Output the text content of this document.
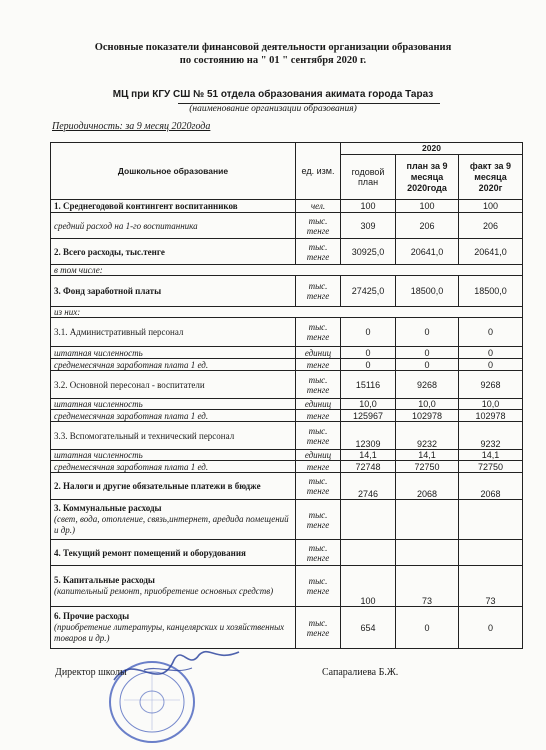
Основные показатели финансовой деятельности организации образования
по состоянию на " 01 " сентября 2020 г.
МЦ при КГУ СШ № 51 отдела образования акимата города Тараз
(наименование организации образования)
Периодичность: за 9 месяц 2020года
Дошкольное образование	ед. изм.	2020		
		годовой план	план за 9 месяца 2020года	факт за 9 месяца 2020г
1. Среднегодовой контингент воспитанников	чел.	100	100	100
средний расход на 1-го воспитанника	тыс. тенге	309	206	206
2. Всего расходы, тыс.тенге	тыс. тенге	30925,0	20641,0	20641,0
в том числе:				
3. Фонд заработной платы	тыс. тенге	27425,0	18500,0	18500,0
из них:				
3.1. Административный персонал	тыс. тенге	0	0	0
штатная численность	единиц	0	0	0
среднемесячная заработная плата 1 ед.	тенге	0	0	0
3.2. Основной пересонал - воспитатели	тыс. тенге	15116	9268	9268
штатная численность	единиц	10,0	10,0	10,0
среднемесячная заработная плата 1 ед.	тенге	125967	102978	102978
3.3. Вспомогательный и технический персонал	тыс. тенге	12309	9232	9232
штатная численность	единиц	14,1	14,1	14,1
среднемесячная заработная плата 1 ед.	тенге	72748	72750	72750
2. Налоги и другие обязательные платежи в бюдже	тыс. тенге	2746	2068	2068

3. Коммунальные расходы
(свет, вода, отопление, связь,интернет, аредида помещений и др.)	тыс. тенге			
4. Текущий ремонт помещений и оборудования	тыс. тенге			

5. Капитальные расходы
(капительный ремонт, приобретение основных средств)	тыс. тенге	100	73	73

6. Прочие расходы
(приобретение литературы, канцелярских и хозяйственных товаров и др.)	тыс. тенге	654	0	0
Директор школы	Сапаралиева Б.Ж.
